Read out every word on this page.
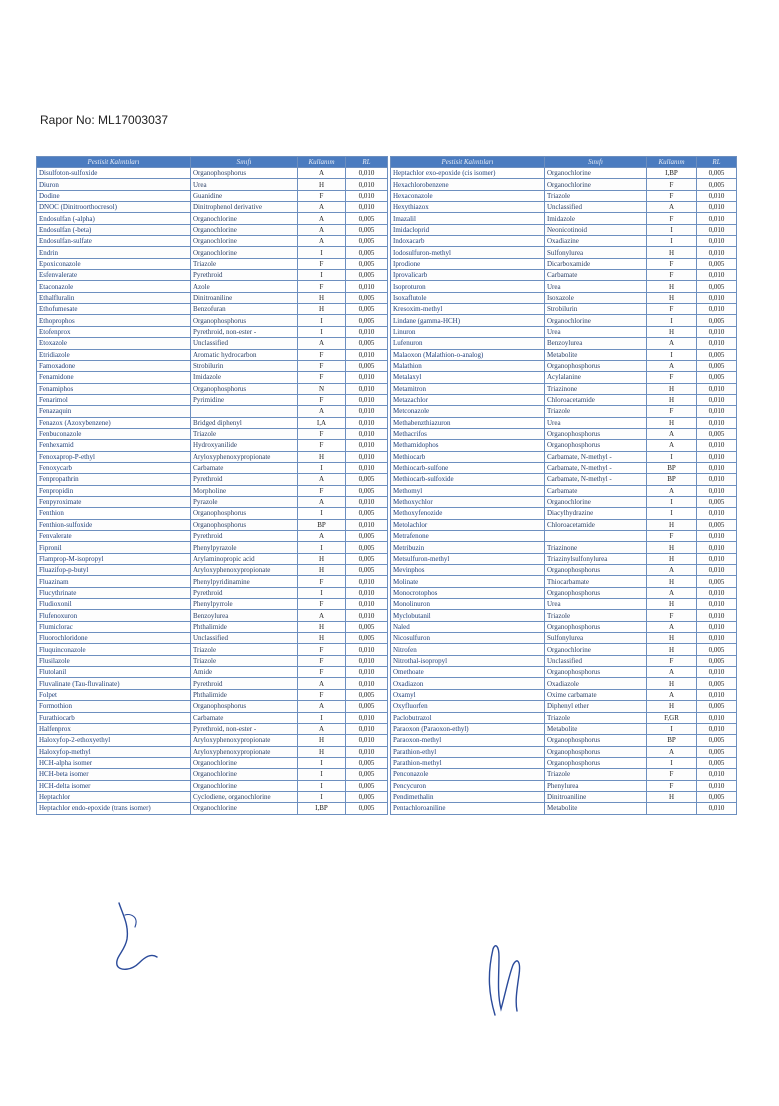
Rapor No: ML17003037
Pestisit Kalıntıları	Sınıfı	Kullanım	RL
Disulfoton-sulfoxide	Organophosphorus	A	0,010
Diuron	Urea	H	0,010
Dodine	Guanidine	F	0,010
DNOC (Dinitroorthocresol)	Dinitrophenol derivative	A	0,010
Endosulfan (-alpha)	Organochlorine	A	0,005
Endosulfan (-beta)	Organochlorine	A	0,005
Endosulfan-sulfate	Organochlorine	A	0,005
Endrin	Organochlorine	I	0,005
Epoxiconazole	Triazole	F	0,005
Esfenvalerate	Pyrethroid	I	0,005
Etaconazole	Azole	F	0,010
Ethalfluralin	Dinitroaniline	H	0,005
Ethofumesate	Benzofuran	H	0,005
Ethoprophos	Organophosphorus	I	0,005
Etofenprox	Pyrethroid, non-ester -	I	0,010
Etoxazole	Unclassified	A	0,005
Etridiazole	Aromatic hydrocarbon	F	0,010
Famoxadone	Strobilurin	F	0,005
Fenamidone	Imidazole	F	0,010
Fenamiphos	Organophosphorus	N	0,010
Fenarimol	Pyrimidine	F	0,010
Fenazaquin		A	0,010
Fenazox (Azoxybenzene)	Bridged diphenyl	I,A	0,010
Fenbuconazole	Triazole	F	0,010
Fenhexamid	Hydroxyanilide	F	0,010
Fenoxaprop-P-ethyl	Aryloxyphenoxypropionate	H	0,010
Fenoxycarb	Carbamate	I	0,010
Fenpropathrin	Pyrethroid	A	0,005
Fenpropidin	Morpholine	F	0,005
Fenpyroximate	Pyrazole	A	0,010
Fenthion	Organophosphorus	I	0,005
Fenthion-sulfoxide	Organophosphorus	BP	0,010
Fenvalerate	Pyrethroid	A	0,005
Fipronil	Phenylpyrazole	I	0,005
Flamprop-M-isopropyl	Arylaminopropic acid	H	0,005
Fluazifop-p-butyl	Aryloxyphenoxypropionate	H	0,005
Fluazinam	Phenylpyridinamine	F	0,010
Flucythrinate	Pyrethroid	I	0,010
Fludioxonil	Phenylpyrrole	F	0,010
Flufenoxuron	Benzoylurea	A	0,010
Flumiclorac	Phthalimide	H	0,005
Fluorochloridone	Unclassified	H	0,005
Fluquinconazole	Triazole	F	0,010
Flusilazole	Triazole	F	0,010
Flutolanil	Amide	F	0,010
Fluvalinate (Tau-fluvalinate)	Pyrethroid	A	0,010
Folpet	Phthalimide	F	0,005
Formothion	Organophosphorus	A	0,005
Furathiocarb	Carbamate	I	0,010
Halfenprox	Pyrethroid, non-ester -	A	0,010
Haloxyfop-2-ethoxyethyl	Aryloxyphenoxypropionate	H	0,010
Haloxyfop-methyl	Aryloxyphenoxypropionate	H	0,010
HCH-alpha isomer	Organochlorine	I	0,005
HCH-beta isomer	Organochlorine	I	0,005
HCH-delta isomer	Organochlorine	I	0,005
Heptachlor	Cyclodiene, organochlorine	I	0,005
Heptachlor endo-epoxide (trans isomer)	Organochlorine	I,BP	0,005
Pestisit Kalıntıları	Sınıfı	Kullanım	RL
Heptachlor exo-epoxide (cis isomer)	Organochlorine	I,BP	0,005
Hexachlorobenzene	Organochlorine	F	0,005
Hexaconazole	Triazole	F	0,010
Hexythiazox	Unclassified	A	0,010
Imazalil	Imidazole	F	0,010
Imidacloprid	Neonicotinoid	I	0,010
Indoxacarb	Oxadiazine	I	0,010
Iodosulfuron-methyl	Sulfonylurea	H	0,010
Iprodione	Dicarboxamide	F	0,005
Iprovalicarb	Carbamate	F	0,010
Isoproturon	Urea	H	0,005
Isoxaflutole	Isoxazole	H	0,010
Kresoxim-methyl	Strobilurin	F	0,010
Lindane (gamma-HCH)	Organochlorine	I	0,005
Linuron	Urea	H	0,010
Lufenuron	Benzoylurea	A	0,010
Malaoxon (Malathion-o-analog)	Metabolite	I	0,005
Malathion	Organophosphorus	A	0,005
Metalaxyl	Acylalanine	F	0,005
Metamitron	Triazinone	H	0,010
Metazachlor	Chloroacetamide	H	0,010
Metconazole	Triazole	F	0,010
Methabenzthiazuron	Urea	H	0,010
Methacrifos	Organophosphorus	A	0,005
Methamidophos	Organophosphorus	A	0,010
Methiocarb	Carbamate, N-methyl -	I	0,010
Methiocarb-sulfone	Carbamate, N-methyl -	BP	0,010
Methiocarb-sulfoxide	Carbamate, N-methyl -	BP	0,010
Methomyl	Carbamate	A	0,010
Methoxychlor	Organochlorine	I	0,005
Methoxyfenozide	Diacylhydrazine	I	0,010
Metolachlor	Chloroacetamide	H	0,005
Metrafenone		F	0,010
Metribuzin	Triazinone	H	0,010
Metsulfuron-methyl	Triazinylsulfonylurea	H	0,010
Mevinphos	Organophosphorus	A	0,010
Molinate	Thiocarbamate	H	0,005
Monocrotophos	Organophosphorus	A	0,010
Monolinuron	Urea	H	0,010
Myclobutanil	Triazole	F	0,010
Naled	Organophosphorus	A	0,010
Nicosulfuron	Sulfonylurea	H	0,010
Nitrofen	Organochlorine	H	0,005
Nitrothal-isopropyl	Unclassified	F	0,005
Omethoate	Organophosphorus	A	0,010
Oxadiazon	Oxadiazole	H	0,005
Oxamyl	Oxime carbamate	A	0,010
Oxyfluorfen	Diphenyl ether	H	0,005
Paclobutrazol	Triazole	F,GR	0,010
Paraoxon (Paraoxon-ethyl)	Metabolite	I	0,010
Paraoxon-methyl	Organophosphorus	BP	0,005
Parathion-ethyl	Organophosphorus	A	0,005
Parathion-methyl	Organophosphorus	I	0,005
Penconazole	Triazole	F	0,010
Pencycuron	Phenylurea	F	0,010
Pendimethalin	Dinitroaniline	H	0,005
Pentachloroaniline	Metabolite		0,010
